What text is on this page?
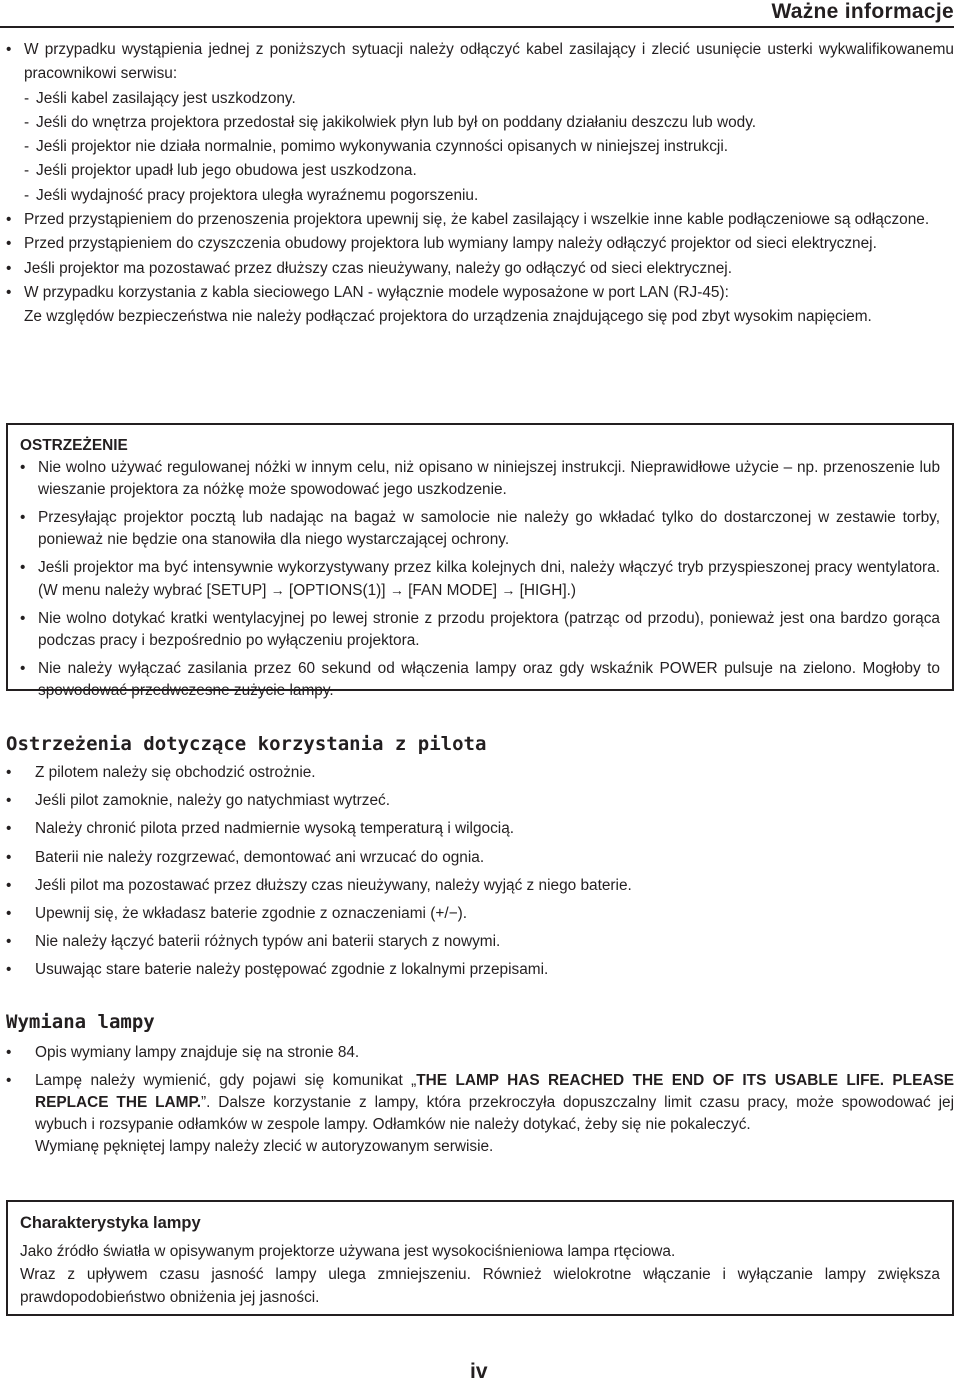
Ważne informacje
• W przypadku wystąpienia jednej z poniższych sytuacji należy odłączyć kabel zasilający i zlecić usunięcie usterki wykwalifikowanemu pracownikowi serwisu:
- Jeśli kabel zasilający jest uszkodzony.
- Jeśli do wnętrza projektora przedostał się jakikolwiek płyn lub był on poddany działaniu deszczu lub wody.
- Jeśli projektor nie działa normalnie, pomimo wykonywania czynności opisanych w niniejszej instrukcji.
- Jeśli projektor upadł lub jego obudowa jest uszkodzona.
- Jeśli wydajność pracy projektora uległa wyraźnemu pogorszeniu.
• Przed przystąpieniem do przenoszenia projektora upewnij się, że kabel zasilający i wszelkie inne kable podłączeniowe są odłączone.
• Przed przystąpieniem do czyszczenia obudowy projektora lub wymiany lampy należy odłączyć projektor od sieci elektrycznej.
• Jeśli projektor ma pozostawać przez dłuższy czas nieużywany, należy go odłączyć od sieci elektrycznej.
• W przypadku korzystania z kabla sieciowego LAN - wyłącznie modele wyposażone w port LAN (RJ-45):
Ze względów bezpieczeństwa nie należy podłączać projektora do urządzenia znajdującego się pod zbyt wysokim napięciem.
OSTRZEŻENIE
• Nie wolno używać regulowanej nóżki w innym celu, niż opisano w niniejszej instrukcji. Nieprawidłowe użycie – np. przenoszenie lub wieszanie projektora za nóżkę może spowodować jego uszkodzenie.
• Przesyłając projektor pocztą lub nadając na bagaż w samolocie nie należy go wkładać tylko do dostarczonej w zestawie torby, ponieważ nie będzie ona stanowiła dla niego wystarczającej ochrony.
• Jeśli projektor ma być intensywnie wykorzystywany przez kilka kolejnych dni, należy włączyć tryb przyspieszonej pracy wentylatora. (W menu należy wybrać [SETUP] → [OPTIONS(1)] → [FAN MODE] → [HIGH].)
• Nie wolno dotykać kratki wentylacyjnej po lewej stronie z przodu projektora (patrząc od przodu), ponieważ jest ona bardzo gorąca podczas pracy i bezpośrednio po wyłączeniu projektora.
• Nie należy wyłączać zasilania przez 60 sekund od włączenia lampy oraz gdy wskaźnik POWER pulsuje na zielono. Mogłoby to spowodować przedwczesne zużycie lampy.
Ostrzeżenia dotyczące korzystania z pilota
• Z pilotem należy się obchodzić ostrożnie.
• Jeśli pilot zamoknie, należy go natychmiast wytrzeć.
• Należy chronić pilota przed nadmiernie wysoką temperaturą i wilgocią.
• Baterii nie należy rozgrzewać, demontować ani wrzucać do ognia.
• Jeśli pilot ma pozostawać przez dłuższy czas nieużywany, należy wyjąć z niego baterie.
• Upewnij się, że wkładasz baterie zgodnie z oznaczeniami (+/−).
• Nie należy łączyć baterii różnych typów ani baterii starych z nowymi.
• Usuwając stare baterie należy postępować zgodnie z lokalnymi przepisami.
Wymiana lampy
• Opis wymiany lampy znajduje się na stronie 84.
• Lampę należy wymienić, gdy pojawi się komunikat „THE LAMP HAS REACHED THE END OF ITS USABLE LIFE. PLEASE REPLACE THE LAMP.”. Dalsze korzystanie z lampy, która przekroczyła dopuszczalny limit czasu pracy, może spowodować jej wybuch i rozsypanie odłamków w zespole lampy. Odłamków nie należy dotykać, żeby się nie pokaleczyć.
Wymianę pękniętej lampy należy zlecić w autoryzowanym serwisie.
Charakterystyka lampy

Jako źródło światła w opisywanym projektorze używana jest wysokociśnieniowa lampa rtęciowa.

Wraz z upływem czasu jasność lampy ulega zmniejszeniu. Również wielokrotne włączanie i wyłączanie lampy zwiększa prawdopodobieństwo obniżenia jej jasności.

iv
